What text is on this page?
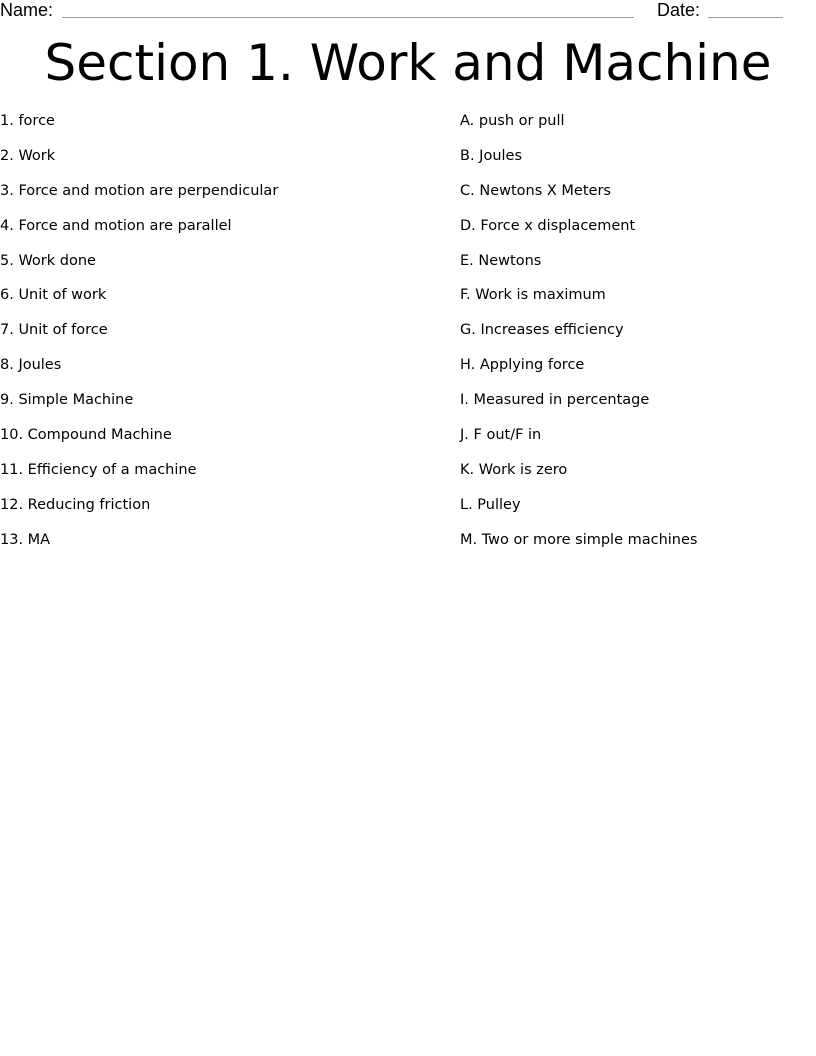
Name:	Date:
Section 1. Work and Machine
1. force
2. Work
3. Force and motion are perpendicular
4. Force and motion are parallel
5. Work done
6. Unit of work
7. Unit of force
8. Joules
9. Simple Machine
10. Compound Machine
11. Efficiency of a machine
12. Reducing friction
13. MA
A. push or pull
B. Joules
C. Newtons X Meters
D. Force x displacement
E. Newtons
F. Work is maximum
G. Increases efficiency
H. Applying force
I. Measured in percentage
J. F out/F in
K. Work is zero
L. Pulley
M. Two or more simple machines
